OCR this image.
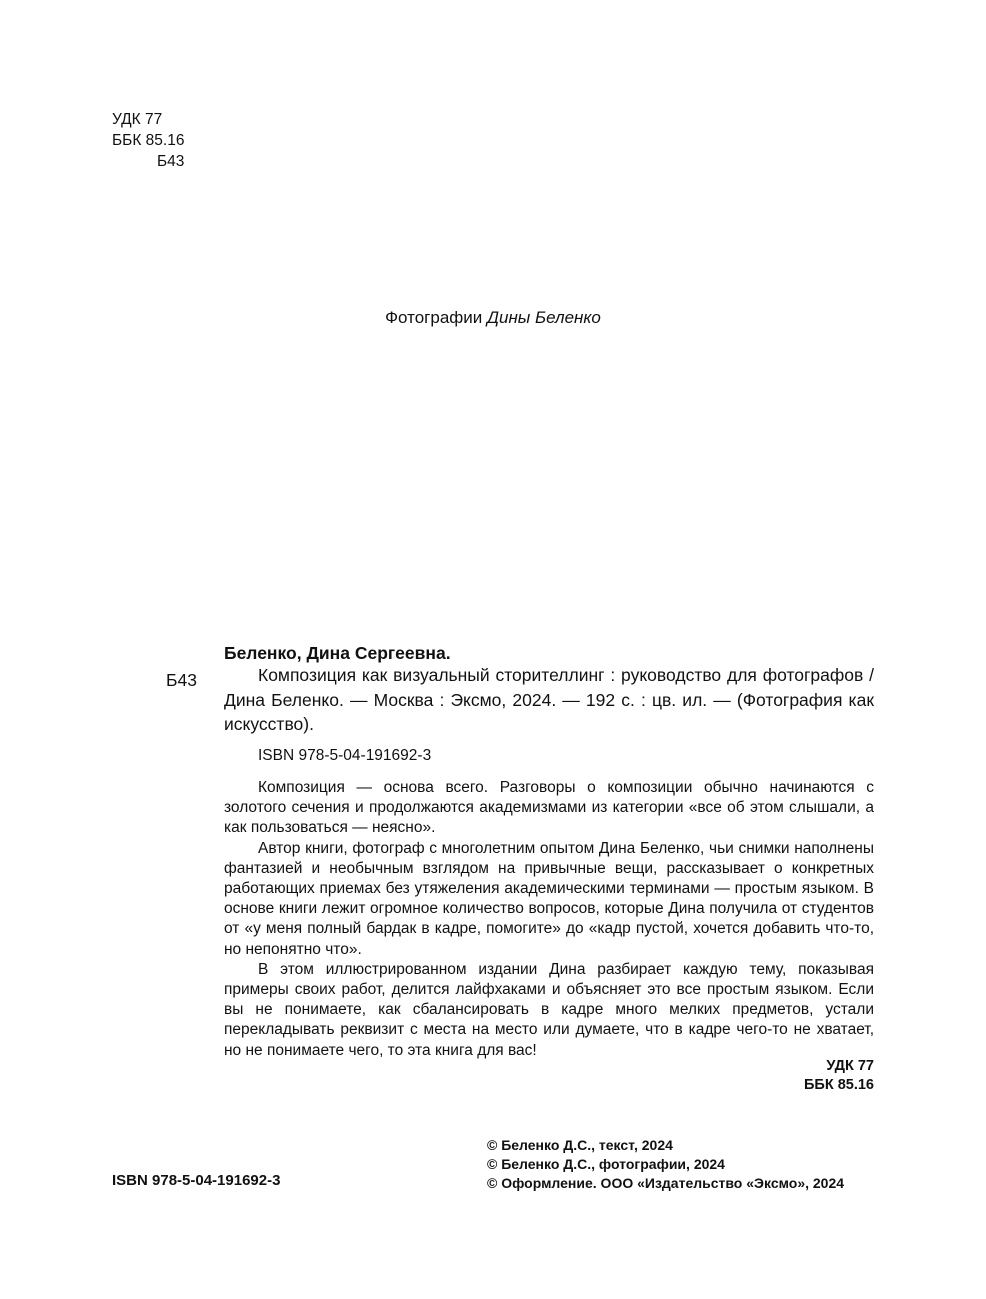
УДК 77
ББК 85.16
Б43
Фотографии Дины Беленко
Беленко, Дина Сергеевна.
Б43	Композиция как визуальный сторителлинг : руководство для фотографов / Дина Беленко. — Москва : Эксмо, 2024. — 192 с. : цв. ил. — (Фотография как искусство).

ISBN 978-5-04-191692-3

Композиция — основа всего. Разговоры о композиции обычно начинаются с золотого сечения и продолжаются академизмами из категории «все об этом слышали, а как пользоваться — неясно».

Автор книги, фотограф с многолетним опытом Дина Беленко, чьи снимки наполнены фантазией и необычным взглядом на привычные вещи, рассказывает о конкретных работающих приемах без утяжеления академическими терминами — простым языком. В основе книги лежит огромное количество вопросов, которые Дина получила от студентов от «у меня полный бардак в кадре, помогите» до «кадр пустой, хочется добавить что-то, но непонятно что».

В этом иллюстрированном издании Дина разбирает каждую тему, показывая примеры своих работ, делится лайфхаками и объясняет это все простым языком. Если вы не понимаете, как сбалансировать в кадре много мелких предметов, устали перекладывать реквизит с места на место или думаете, что в кадре чего-то не хватает, но не понимаете чего, то эта книга для вас!

УДК 77
ББК 85.16
ISBN 978-5-04-191692-3
© Беленко Д.С., текст, 2024
© Беленко Д.С., фотографии, 2024
© Оформление. ООО «Издательство «Эксмо», 2024
